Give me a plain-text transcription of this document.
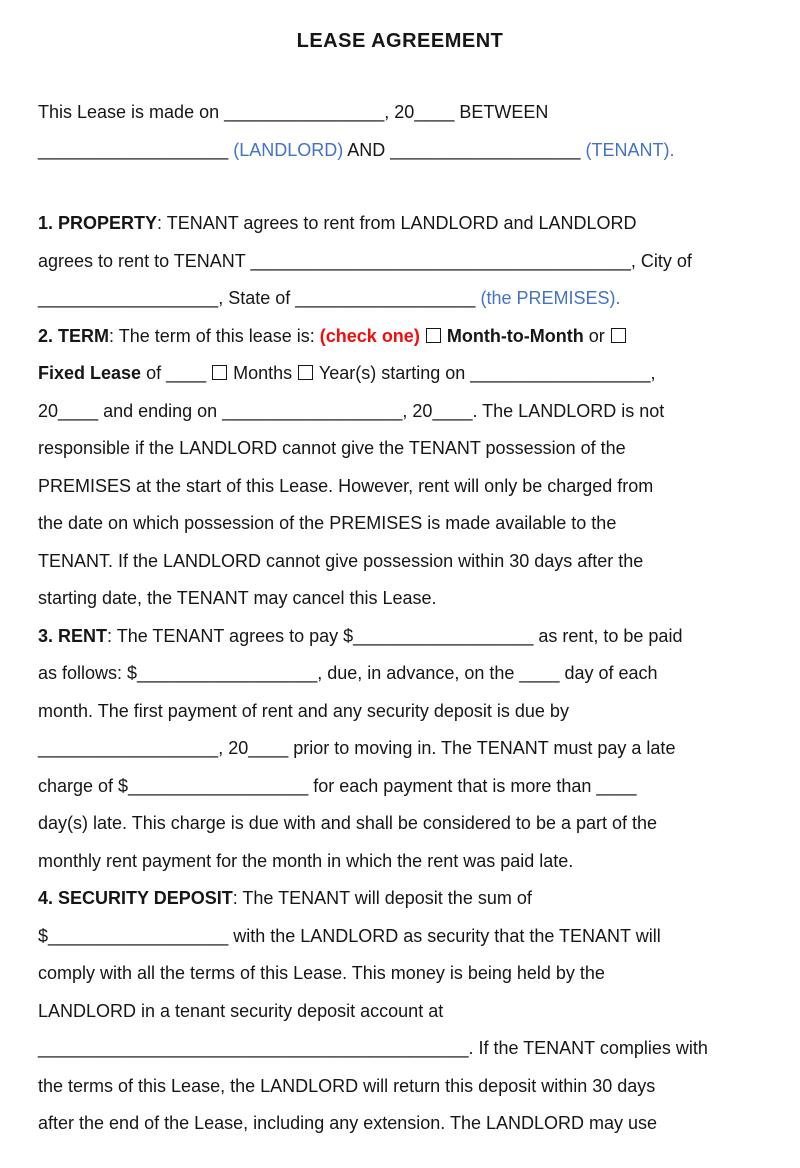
LEASE AGREEMENT
This Lease is made on ________________, 20____ BETWEEN
___________________ (LANDLORD) AND ___________________ (TENANT).
1. PROPERTY: TENANT agrees to rent from LANDLORD and LANDLORD
agrees to rent to TENANT ______________________________________, City of
__________________, State of __________________ (the PREMISES).
2. TERM: The term of this lease is: (check one) Month-to-Month or
Fixed Lease of ____  Months  Year(s) starting on __________________,
20____ and ending on __________________, 20____. The LANDLORD is not
responsible if the LANDLORD cannot give the TENANT possession of the
PREMISES at the start of this Lease. However, rent will only be charged from
the date on which possession of the PREMISES is made available to the
TENANT. If the LANDLORD cannot give possession within 30 days after the
starting date, the TENANT may cancel this Lease.
3. RENT: The TENANT agrees to pay $__________________ as rent, to be paid
as follows: $__________________, due, in advance, on the ____ day of each
month. The first payment of rent and any security deposit is due by
__________________, 20____ prior to moving in. The TENANT must pay a late
charge of $__________________ for each payment that is more than ____
day(s) late. This charge is due with and shall be considered to be a part of the
monthly rent payment for the month in which the rent was paid late.
4. SECURITY DEPOSIT: The TENANT will deposit the sum of
$__________________ with the LANDLORD as security that the TENANT will
comply with all the terms of this Lease. This money is being held by the
LANDLORD in a tenant security deposit account at
___________________________________________. If the TENANT complies with
the terms of this Lease, the LANDLORD will return this deposit within 30 days
after the end of the Lease, including any extension. The LANDLORD may use
